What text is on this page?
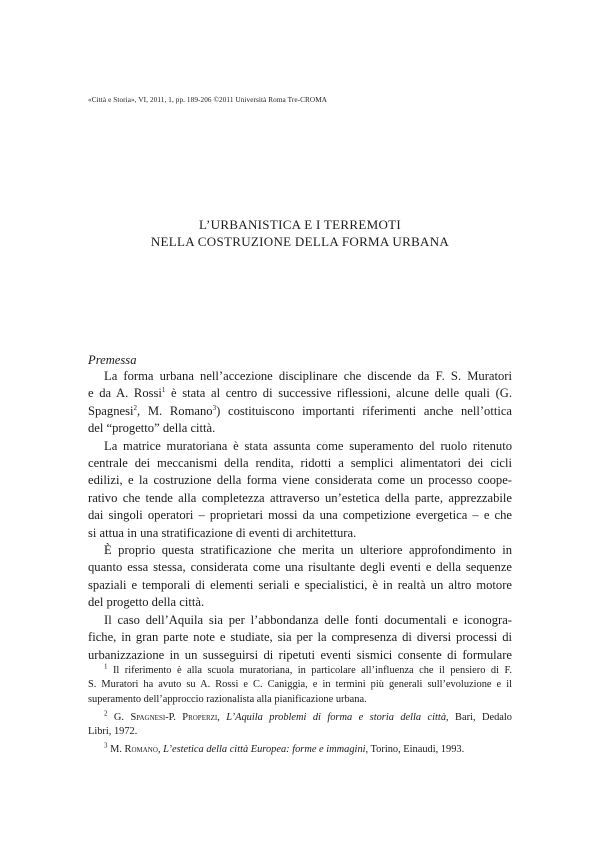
«Città e Storia», VI, 2011, 1, pp. 189-206 ©2011 Università Roma Tre-CROMA
L’URBANISTICA E I TERREMOTI
NELLA COSTRUZIONE DELLA FORMA URBANA
Premessa

La forma urbana nell’accezione disciplinare che discende da F. S. Muratori
e da A. Rossi$^1$ è stata al centro di successive riflessioni, alcune delle quali (G.
Spagnesi$^2$, M. Romano$^3$) costituiscono importanti riferimenti anche nell’ottica
del “progetto” della città.

La matrice muratoriana è stata assunta come superamento del ruolo ritenuto
centrale dei meccanismi della rendita, ridotti a semplici alimentatori dei cicli
edilizi, e la costruzione della forma viene considerata come un processo coope-
rativo che tende alla completezza attraverso un’estetica della parte, apprezzabile
dai singoli operatori – proprietari mossi da una competizione evergetica – e che
si attua in una stratificazione di eventi di architettura.

È proprio questa stratificazione che merita un ulteriore approfondimento in
quanto essa stessa, considerata come una risultante degli eventi e della sequenze
spaziali e temporali di elementi seriali e specialistici, è in realtà un altro motore
del progetto della città.

Il caso dell’Aquila sia per l’abbondanza delle fonti documentali e iconogra-
fiche, in gran parte note e studiate, sia per la compresenza di diversi processi di
urbanizzazione in un susseguirsi di ripetuti eventi sismici consente di formulare

$^1$ Il riferimento è alla scuola muratoriana, in particolare all’influenza che il pensiero di F.
S. Muratori ha avuto su A. Rossi e C. Caniggia, e in termini più generali sull’evoluzione e il
superamento dell’approccio razionalista alla pianificazione urbana.
$^2$ G. Spagnesi-P. Properzi, L’Aquila problemi di forma e storia della città, Bari, Dedalo
Libri, 1972.
$^3$ M. Romano, L’estetica della città Europea: forme e immagini, Torino, Einaudi, 1993.
